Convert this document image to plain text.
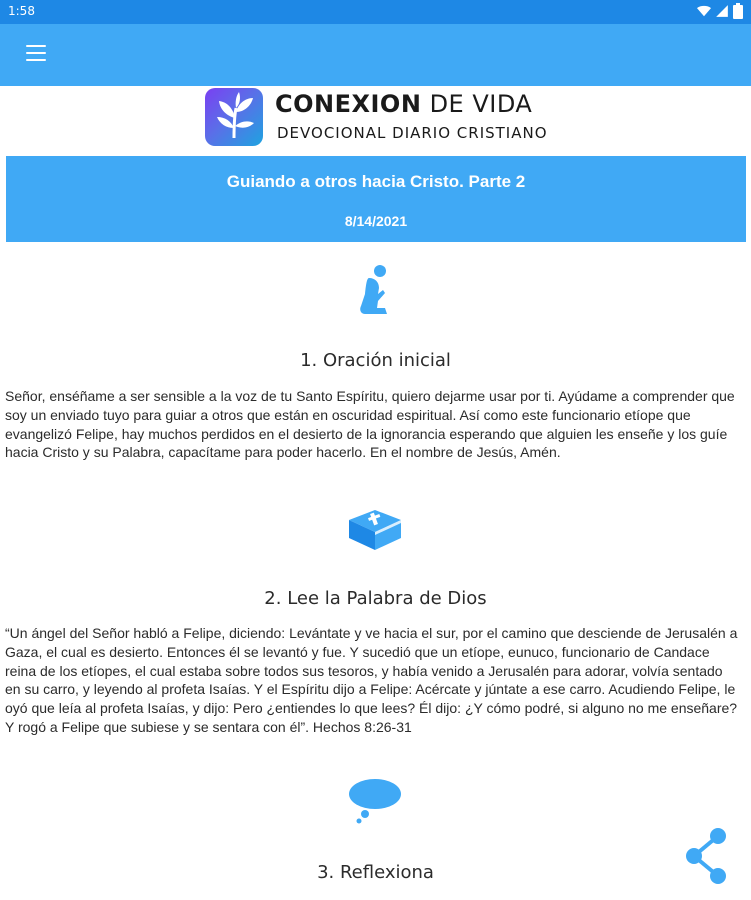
1:58
CONEXION DE VIDA
DEVOCIONAL DIARIO CRISTIANO
Guiando a otros hacia Cristo. Parte 2
8/14/2021
1. Oración inicial

Señor, enséñame a ser sensible a la voz de tu Santo Espíritu, quiero dejarme usar por ti. Ayúdame a comprender que soy un enviado tuyo para guiar a otros que están en oscuridad espiritual. Así como este funcionario etíope que evangelizó Felipe, hay muchos perdidos en el desierto de la ignorancia esperando que alguien les enseñe y los guíe hacia Cristo y su Palabra, capacítame para poder hacerlo. En el nombre de Jesús, Amén.

2. Lee la Palabra de Dios

“Un ángel del Señor habló a Felipe, diciendo: Levántate y ve hacia el sur, por el camino que desciende de Jerusalén a Gaza, el cual es desierto. Entonces él se levantó y fue. Y sucedió que un etíope, eunuco, funcionario de Candace reina de los etíopes, el cual estaba sobre todos sus tesoros, y había venido a Jerusalén para adorar, volvía sentado en su carro, y leyendo al profeta Isaías. Y el Espíritu dijo a Felipe: Acércate y júntate a ese carro. Acudiendo Felipe, le oyó que leía al profeta Isaías, y dijo: Pero ¿entiendes lo que lees? Él dijo: ¿Y cómo podré, si alguno no me enseñare? Y rogó a Felipe que subiese y se sentara con él”. Hechos 8:26-31

3. Reflexiona
